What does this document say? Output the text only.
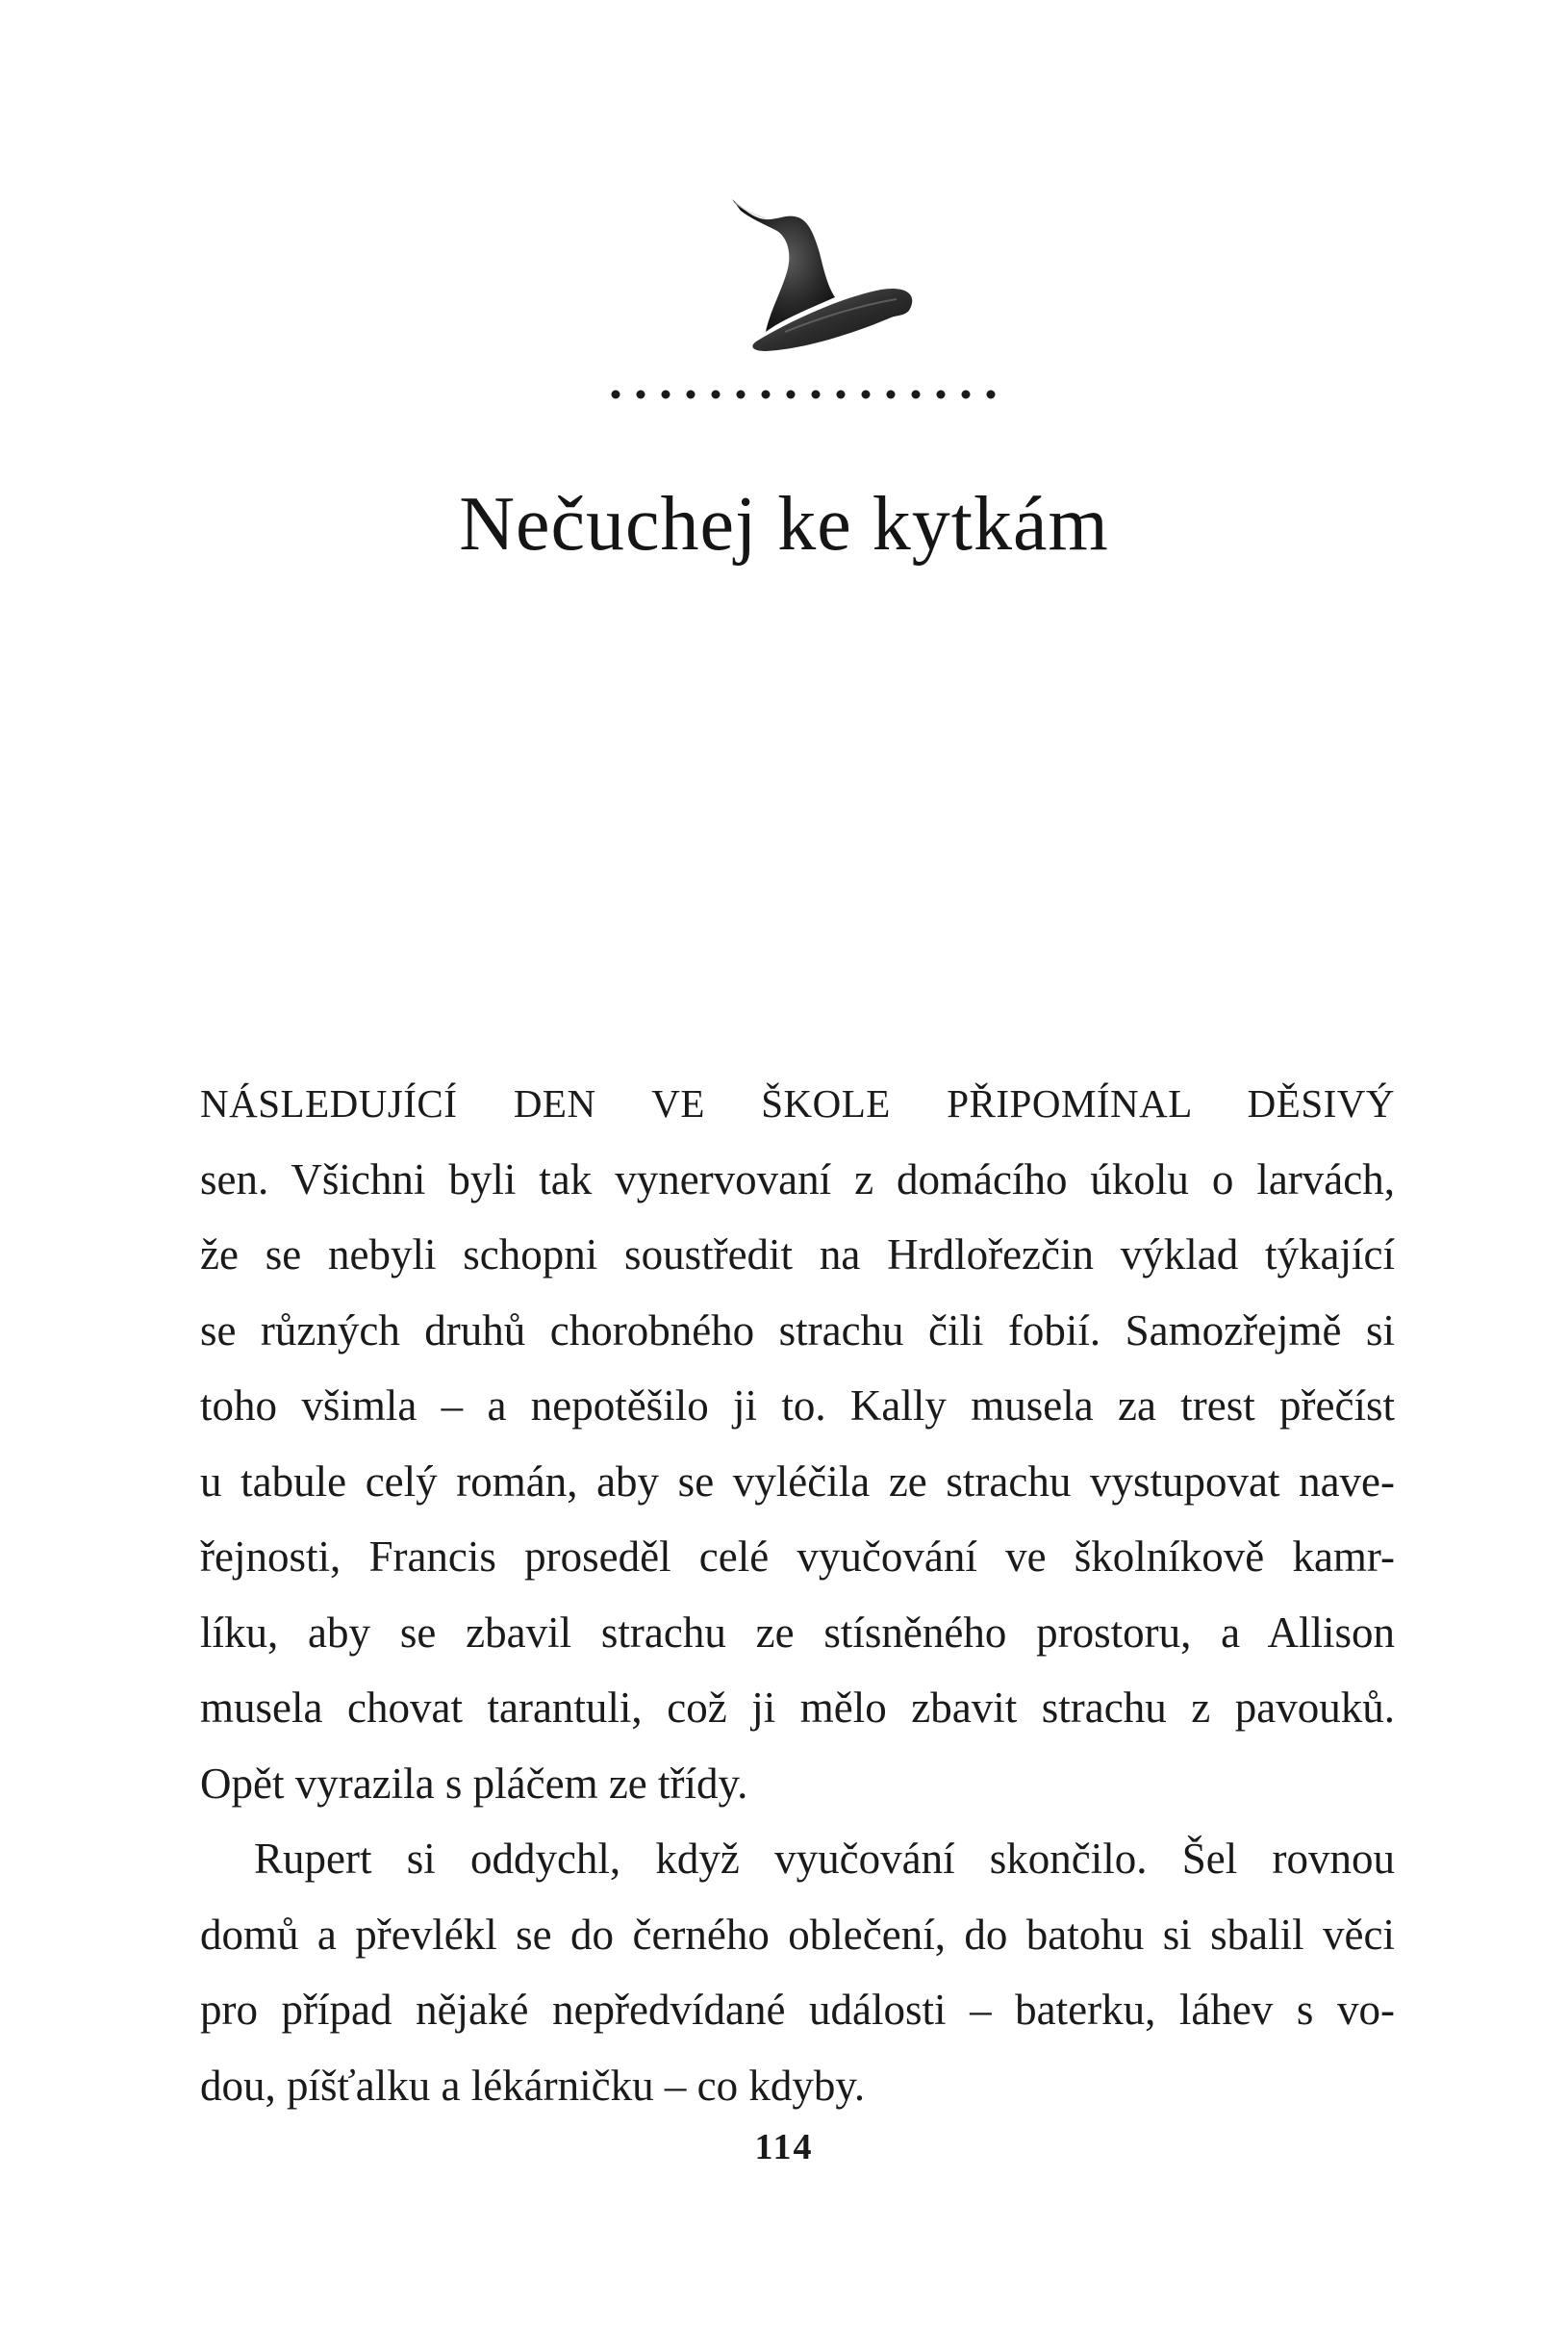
Nečuchej ke kytkám
NÁSLEDUJÍCÍ DEN VE ŠKOLE PŘIPOMÍNAL DĚSIVÝ
sen. Všichni byli tak vynervovaní z domácího úkolu o larvách,
že se nebyli schopni soustředit na Hrdlořezčin výklad týkající
se různých druhů chorobného strachu čili fobií. Samozřejmě si
toho všimla – a nepotěšilo ji to. Kally musela za trest přečíst
u tabule celý román, aby se vyléčila ze strachu vystupovat nave-
řejnosti, Francis proseděl celé vyučování ve školníkově kamr-
líku, aby se zbavil strachu ze stísněného prostoru, a Allison
musela chovat tarantuli, což ji mělo zbavit strachu z pavouků.
Opět vyrazila s pláčem ze třídy.
Rupert si oddychl, když vyučování skončilo. Šel rovnou
domů a převlékl se do černého oblečení, do batohu si sbalil věci
pro případ nějaké nepředvídané události – baterku, láhev s vo-
dou, píšťalku a lékárničku – co kdyby.
114
